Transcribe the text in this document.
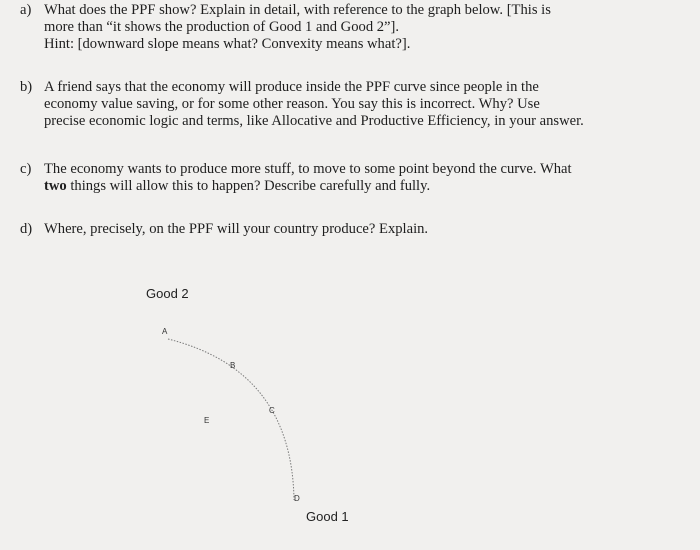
a) What does the PPF show? Explain in detail, with reference to the graph below. [This is
more than “it shows the production of Good 1 and Good 2”].
Hint: [downward slope means what? Convexity means what?].
b) A friend says that the economy will produce inside the PPF curve since people in the
economy value saving, or for some other reason. You say this is incorrect. Why? Use
precise economic logic and terms, like Allocative and Productive Efficiency, in your answer.
c) The economy wants to produce more stuff, to move to some point beyond the curve. What
two things will allow this to happen? Describe carefully and fully.
d) Where, precisely, on the PPF will your country produce? Explain.
Good 2
Good 1
A
B
C
E
D
